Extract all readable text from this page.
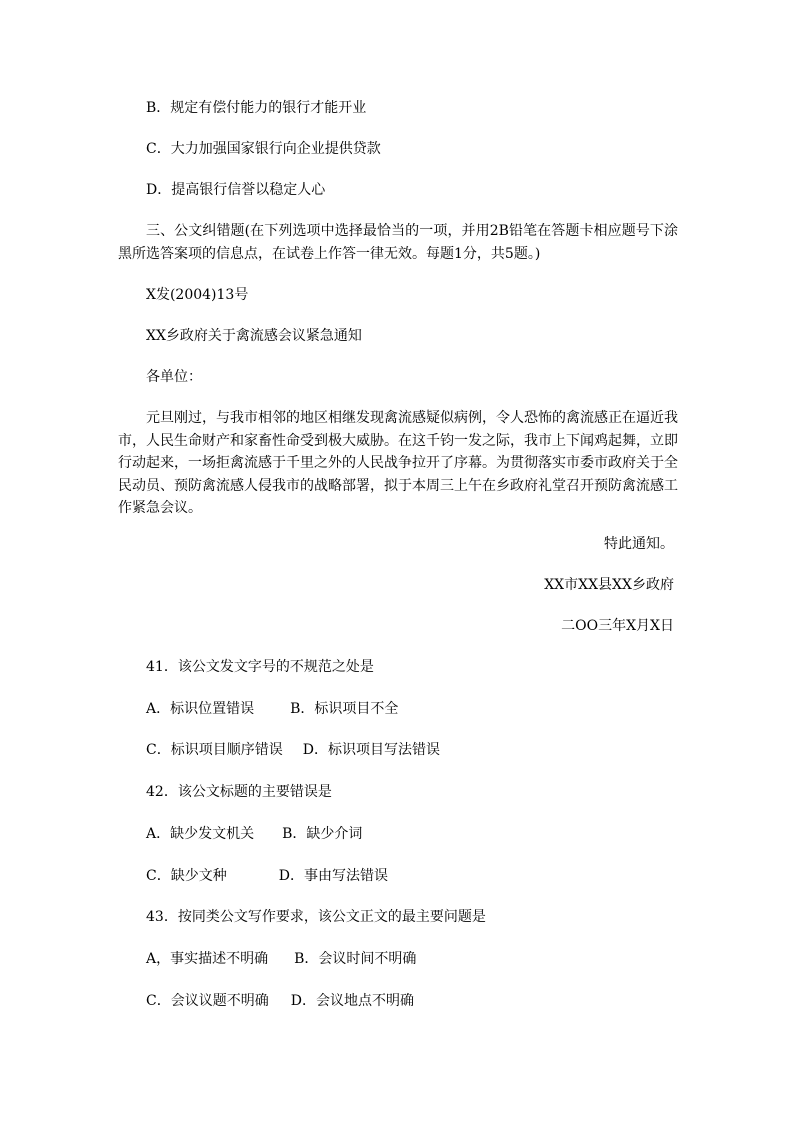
B．规定有偿付能力的银行才能开业
C．大力加强国家银行向企业提供贷款
D．提高银行信誉以稳定人心
三、公文纠错题(在下列选项中选择最恰当的一项，并用2B铅笔在答题卡相应题号下涂黑所选答案项的信息点，在试卷上作答一律无效。每题1分，共5题。)
X发(2004)13号
XX乡政府关于禽流感会议紧急通知
各单位：
元旦刚过，与我市相邻的地区相继发现禽流感疑似病例，令人恐怖的禽流感正在逼近我市，人民生命财产和家畜性命受到极大威胁。在这千钧一发之际，我市上下闻鸡起舞，立即行动起来，一场拒禽流感于千里之外的人民战争拉开了序幕。为贯彻落实市委市政府关于全民动员、预防禽流感人侵我市的战略部署，拟于本周三上午在乡政府礼堂召开预防禽流感工作紧急会议。
特此通知。
XX市XX县XX乡政府
二OO三年X月X日
41．该公文发文字号的不规范之处是
A．标识位置错误	B．标识项目不全
C．标识项目顺序错误 D．标识项目写法错误
42．该公文标题的主要错误是
A．缺少发文机关 B．缺少介词
C．缺少文种	D．事由写法错误
43．按同类公文写作要求，该公文正文的最主要问题是
A，事实描述不明确 B．会议时间不明确
C．会议议题不明确 D．会议地点不明确
